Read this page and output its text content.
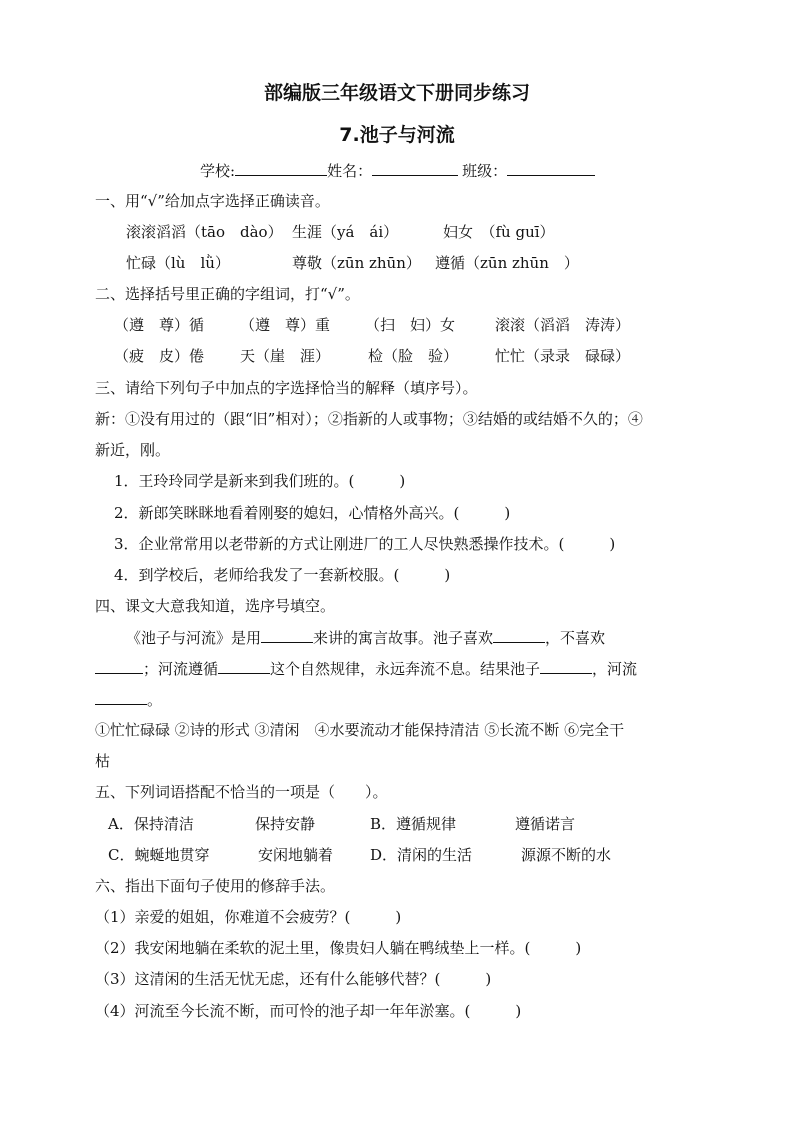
部编版三年级语文下册同步练习
7.池子与河流
学校:	姓名：	班级：
一、用“√”给加点字选择正确读音。
滚滚滔滔（tāo　dào） 生涯（yá　ái）	妇女　（fù guī）
忙碌（lù　lǜ）	尊敬（zūn zhūn） 遵循（zūn zhūn　）
二、选择括号里正确的字组词，打“√”。
（遵　尊）循 （遵　尊）重 （扫　妇）女	滚滚（滔滔　涛涛）
（疲　皮）倦 天（崖　涯）	检（脸　验） 忙忙（录录　碌碌）
三、请给下列句子中加点的字选择恰当的解释（填序号）。
新：①没有用过的（跟“旧”相对）；②指新的人或事物；③结婚的或结婚不久的；④
新近，刚。
1．王玲玲同学是新来到我们班的。(　　　)
2．新郎笑眯眯地看着刚娶的媳妇，心情格外高兴。(　　　)
3．企业常常用以老带新的方式让刚进厂的工人尽快熟悉操作技术。(　　　)
4．到学校后，老师给我发了一套新校服。(　　　)
四、课文大意我知道，选序号填空。
《池子与河流》是用	来讲的寓言故事。池子喜欢	，不喜欢
；河流遵循	这个自然规律，永远奔流不息。结果池子	，河流
。
①忙忙碌碌 ②诗的形式 ③清闲　④水要流动才能保持清洁 ⑤长流不断 ⑥完全干
枯
五、下列词语搭配不恰当的一项是（　　）。
A．保持清洁	保持安静	B．遵循规律	遵循诺言
C．蜿蜒地贯穿	安闲地躺着 D．清闲的生活	源源不断的水
六、指出下面句子使用的修辞手法。
（1）亲爱的姐姐，你难道不会疲劳？(　　　)
（2）我安闲地躺在柔软的泥土里，像贵妇人躺在鸭绒垫上一样。(　　　)
（3）这清闲的生活无忧无虑，还有什么能够代替？(　　　)
（4）河流至今长流不断，而可怜的池子却一年年淤塞。(　　　)
